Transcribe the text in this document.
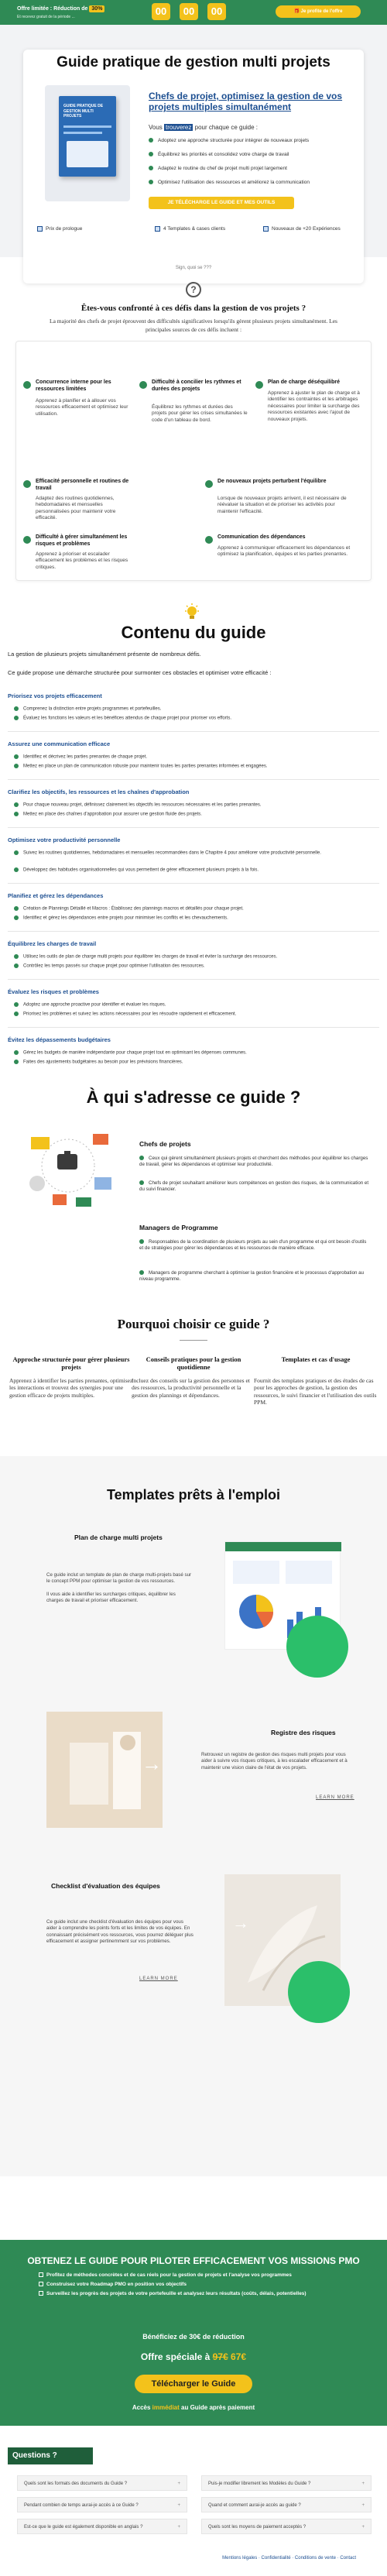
Offre limitée : Réduction de 30%
Et recevez gratuit de la période ...	00	00	00	🎁 Je profite de l'offre
Guide pratique de gestion multi projets
GUIDE PRATIQUE DE GESTION MULTI PROJETS
Chefs de projet, optimisez la gestion de vos projets multiples simultanément
Vous trouverez pour chaque ce guide :
Adoptez une approche structurée pour intégrer de nouveaux projets
Équilibrez les priorités et consolidez votre charge de travail
Adaptez le routine du chef de projet multi projet largement
Optimisez l'utilisation des ressources et améliorez la communication
JE TÉLÉCHARGE LE GUIDE ET MES OUTILS
Prix de prologue	4 Templates & cases clients	Nouveaux de +20 Expériences
Sign, quoi se ???
?
Êtes-vous confronté à ces défis dans la gestion de vos projets ?
La majorité des chefs de projet éprouvent des difficultés significatives lorsqu'ils gèrent plusieurs projets simultanément. Les principales sources de ces défis incluent :
Concurrence interne pour les ressources limitées
Apprenez à planifier et à allouer vos ressources efficacement et optimisez leur utilisation.
Difficulté à concilier les rythmes et durées des projets
Équilibrez les rythmes et durées des projets pour gérer les crises simultanées le code d'un tableau de bord.
Plan de charge déséquilibré
Apprenez à ajuster le plan de charge et à identifier les contraintes et les arbitrages nécessaires pour limiter la surcharge des ressources existantes avec l'ajout de nouveaux projets.
Efficacité personnelle et routines de travail
Adaptez des routines quotidiennes, hebdomadaires et mensuelles personnalisées pour maintenir votre efficacité.
De nouveaux projets perturbent l'équilibre
Lorsque de nouveaux projets arrivent, il est nécessaire de réévaluer la situation et de prioriser les activités pour maintenir l'efficacité.
Difficulté à gérer simultanément les risques et problèmes
Apprenez à prioriser et escalader efficacement les problèmes et les risques critiques.
Communication des dépendances
Apprenez à communiquer efficacement les dépendances et optimisez la planification, équipes et les parties prenantes.
Contenu du guide
La gestion de plusieurs projets simultanément présente de nombreux défis.
Ce guide propose une démarche structurée pour surmonter ces obstacles et optimiser votre efficacité :
Priorisez vos projets efficacement
Comprenez la distinction entre projets programmes et portefeuilles.
Évaluez les fonctions les valeurs et les bénéfices attendus de chaque projet pour prioriser vos efforts.
Assurez une communication efficace
Identifiez et décrivez les parties prenantes de chaque projet.
Mettez en place un plan de communication robuste pour maintenir toutes les parties prenantes informées et engagées.
Clarifiez les objectifs, les ressources et les chaînes d'approbation
Pour chaque nouveau projet, définissez clairement les objectifs les ressources nécessaires et les parties prenantes.
Mettez en place des chaînes d'approbation pour assurer une gestion fluide des projets.
Optimisez votre productivité personnelle
Suivez les routines quotidiennes, hebdomadaires et mensuelles recommandées dans le Chapitre 4 pour améliorer votre productivité personnelle.
Développez des habitudes organisationnelles qui vous permettent de gérer efficacement plusieurs projets à la fois.
Planifiez et gérez les dépendances
Création de Plannings Détaillé et Macros : Établissez des plannings macros et détaillés pour chaque projet.
Identifiez et gérez les dépendances entre projets pour minimiser les conflits et les chevauchements.
Équilibrez les charges de travail
Utilisez les outils de plan de charge multi projets pour équilibrer les charges de travail et éviter la surcharge des ressources.
Contrôlez les temps passés sur chaque projet pour optimiser l'utilisation des ressources.
Évaluez les risques et problèmes
Adoptez une approche proactive pour identifier et évaluer les risques.
Priorisez les problèmes et suivez les actions nécessaires pour les résoudre rapidement et efficacement.
Évitez les dépassements budgétaires
Gérez les budgets de manière indépendante pour chaque projet tout en optimisant les dépenses communes.
Faites des ajustements budgétaires au besoin pour les prévisions financières.
À qui s'adresse ce guide ?
Chefs de projets
Ceux qui gèrent simultanément plusieurs projets et cherchent des méthodes pour équilibrer les charges de travail, gérer les dépendances et optimiser leur productivité.
Chefs de projet souhaitant améliorer leurs compétences en gestion des risques, de la communication et du suivi financier.
Managers de Programme
Responsables de la coordination de plusieurs projets au sein d'un programme et qui ont besoin d'outils et de stratégies pour gérer les dépendances et les ressources de manière efficace.
Managers de programme cherchant à optimiser la gestion financière et le processus d'approbation au niveau programme.
Pourquoi choisir ce guide ?
Approche structurée pour gérer plusieurs projets
Apprenez à identifier les parties prenantes, optimisez les interactions et trouvez des synergies pour une gestion efficace de projets multiples.
Conseils pratiques pour la gestion quotidienne
Incluez des conseils sur la gestion des personnes et des ressources, la productivité personnelle et la gestion des plannings et dépendances.
Templates et cas d'usage
Fournit des templates pratiques et des études de cas pour les approches de gestion, la gestion des ressources, le suivi financier et l'utilisation des outils PPM.
Templates prêts à l'emploi
Plan de charge multi projets
Ce guide inclut un template de plan de charge multi-projets basé sur le concept PPM pour optimiser la gestion de vos ressources.

Il vous aide à identifier les surcharges critiques, équilibrer les charges de travail et prioriser efficacement.
→
Registre des risques
Retrouvez un registre de gestion des risques multi projets pour vous aider à suivre vos risques critiques, à les escalader efficacement et à maintenir une vision claire de l'état de vos projets.
LEARN MORE
Checklist d'évaluation des équipes
Ce guide inclut une checklist d'évaluation des équipes pour vous aider à comprendre les points forts et les limites de vos équipes. En connaissant précisément vos ressources, vous pourrez déléguer plus efficacement et assigner pertinemment sur vos problèmes.
LEARN MORE
→
OBTENEZ LE GUIDE POUR PILOTER EFFICACEMENT VOS MISSIONS PMO
Profitez de méthodes concrètes et de cas réels pour la gestion de projets et l'analyse vos programmes
Construisez votre Roadmap PMO en position vos objectifs
Surveillez les progrès des projets de votre portefeuille et analysez leurs résultats (coûts, délais, potentielles)
Bénéficiez de 30€ de réduction
Offre spéciale à 97€ 67€
Télécharger le Guide
Accès immédiat au Guide après paiement
Questions ?
Quels sont les formats des documents du Guide ?	+	Puis-je modifier librement les Modèles du Guide ?	+
Pendant combien de temps aurai-je accès à ce Guide ?	+	Quand et comment aurai-je accès au guide ?	+
Est-ce que le guide est également disponible en anglais ?	+	Quels sont les moyens de paiement acceptés ?	+
Mentions légales · Confidentialité · Conditions de vente · Contact
